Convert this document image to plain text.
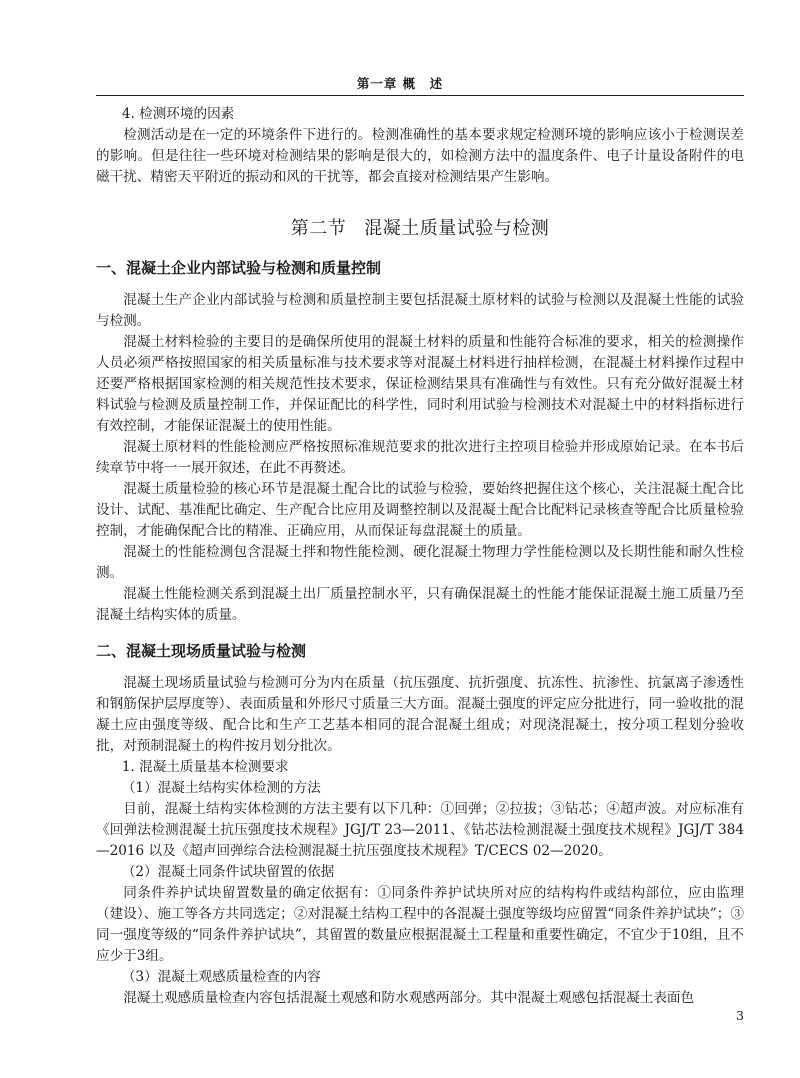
第一章 概　述

4. 检测环境的因素

检测活动是在一定的环境条件下进行的。检测准确性的基本要求规定检测环境的影响应该小于检测误差的影响。但是往往一些环境对检测结果的影响是很大的，如检测方法中的温度条件、电子计量设备附件的电磁干扰、精密天平附近的振动和风的干扰等，都会直接对检测结果产生影响。

第二节 混凝土质量试验与检测
一、混凝土企业内部试验与检测和质量控制

混凝土生产企业内部试验与检测和质量控制主要包括混凝土原材料的试验与检测以及混凝土性能的试验与检测。

混凝土材料检验的主要目的是确保所使用的混凝土材料的质量和性能符合标准的要求，相关的检测操作人员必须严格按照国家的相关质量标准与技术要求等对混凝土材料进行抽样检测，在混凝土材料操作过程中还要严格根据国家检测的相关规范性技术要求，保证检测结果具有准确性与有效性。只有充分做好混凝土材料试验与检测及质量控制工作，并保证配比的科学性，同时利用试验与检测技术对混凝土中的材料指标进行有效控制，才能保证混凝土的使用性能。

混凝土原材料的性能检测应严格按照标准规范要求的批次进行主控项目检验并形成原始记录。在本书后续章节中将一一展开叙述，在此不再赘述。

混凝土质量检验的核心环节是混凝土配合比的试验与检验，要始终把握住这个核心，关注混凝土配合比设计、试配、基准配比确定、生产配合比应用及调整控制以及混凝土配合比配料记录核查等配合比质量检验控制，才能确保配合比的精准、正确应用，从而保证每盘混凝土的质量。

混凝土的性能检测包含混凝土拌和物性能检测、硬化混凝土物理力学性能检测以及长期性能和耐久性检测。

混凝土性能检测关系到混凝土出厂质量控制水平，只有确保混凝土的性能才能保证混凝土施工质量乃至混凝土结构实体的质量。

二、混凝土现场质量试验与检测

混凝土现场质量试验与检测可分为内在质量（抗压强度、抗折强度、抗冻性、抗渗性、抗氯离子渗透性和钢筋保护层厚度等）、表面质量和外形尺寸质量三大方面。混凝土强度的评定应分批进行，同一验收批的混凝土应由强度等级、配合比和生产工艺基本相同的混合混凝土组成；对现浇混凝土，按分项工程划分验收批，对预制混凝土的构件按月划分批次。

1. 混凝土质量基本检测要求

（1）混凝土结构实体检测的方法

目前，混凝土结构实体检测的方法主要有以下几种：①回弹；②拉拔；③钻芯；④超声波。对应标准有《回弹法检测混凝土抗压强度技术规程》JGJ/T 23—2011、《钻芯法检测混凝土强度技术规程》JGJ/T 384—2016 以及《超声回弹综合法检测混凝土抗压强度技术规程》T/CECS 02—2020。

（2）混凝土同条件试块留置的依据

同条件养护试块留置数量的确定依据有：①同条件养护试块所对应的结构构件或结构部位，应由监理（建设）、施工等各方共同选定；②对混凝土结构工程中的各混凝土强度等级均应留置“同条件养护试块”；③同一强度等级的“同条件养护试块”，其留置的数量应根据混凝土工程量和重要性确定，不宜少于10组，且不应少于3组。

（3）混凝土观感质量检查的内容

混凝土观感质量检查内容包括混凝土观感和防水观感两部分。其中混凝土观感包括混凝土表面色

3
